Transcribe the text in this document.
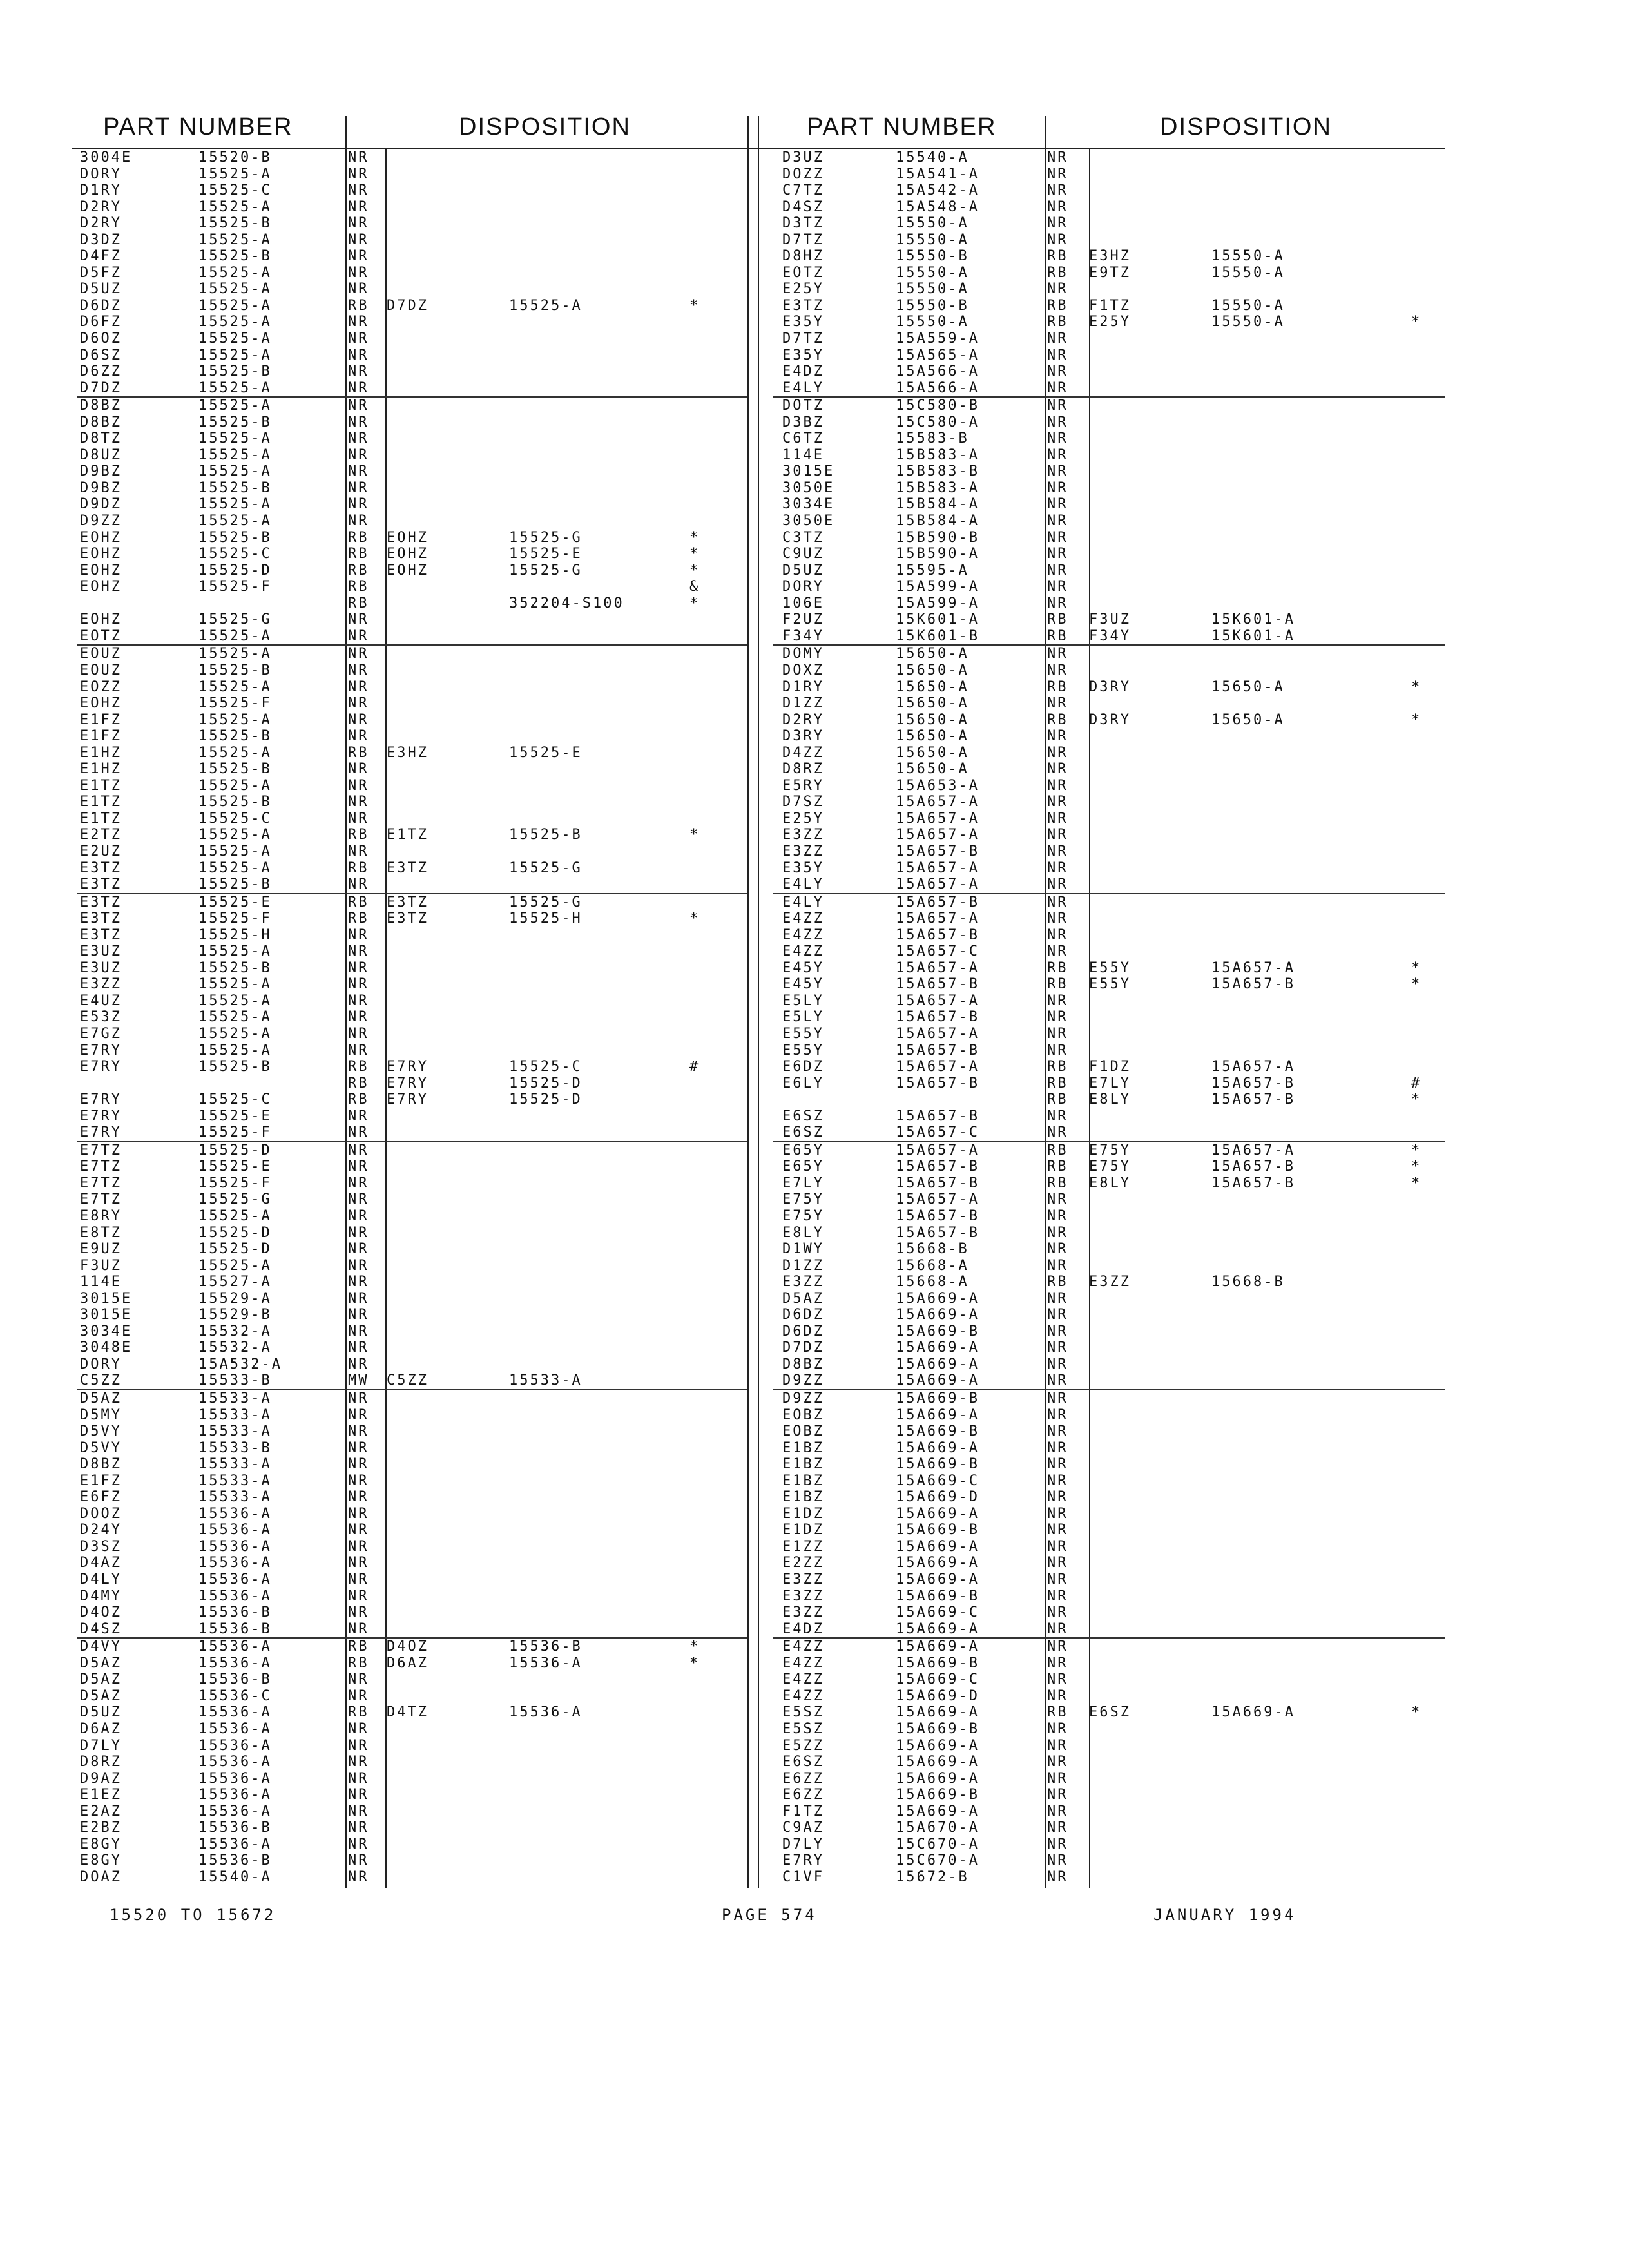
PART NUMBER	DISPOSITION	PART NUMBER	DISPOSITION
3004E	15520-B	NR
DORY	15525-A	NR
D1RY	15525-C	NR
D2RY	15525-A	NR
D2RY	15525-B	NR
D3DZ	15525-A	NR
D4FZ	15525-B	NR
D5FZ	15525-A	NR
D5UZ	15525-A	NR
D6DZ	15525-A	RB D7DZ	15525-A	*
D6FZ	15525-A	NR
D6OZ	15525-A	NR
D6SZ	15525-A	NR
D6ZZ	15525-B	NR
D7DZ	15525-A	NR
D8BZ	15525-A	NR
D8BZ	15525-B	NR
D8TZ	15525-A	NR
D8UZ	15525-A	NR
D9BZ	15525-A	NR
D9BZ	15525-B	NR
D9DZ	15525-A	NR
D9ZZ	15525-A	NR
EOHZ	15525-B	RB EOHZ	15525-G	*
EOHZ	15525-C	RB EOHZ	15525-E	*
EOHZ	15525-D	RB EOHZ	15525-G	*
EOHZ	15525-F	RB	&
RB	352204-S100	*
EOHZ	15525-G	NR
EOTZ	15525-A	NR
EOUZ	15525-A	NR
EOUZ	15525-B	NR
EOZZ	15525-A	NR
EOHZ	15525-F	NR
E1FZ	15525-A	NR
E1FZ	15525-B	NR
E1HZ	15525-A	RB E3HZ	15525-E
E1HZ	15525-B	NR
E1TZ	15525-A	NR
E1TZ	15525-B	NR
E1TZ	15525-C	NR
E2TZ	15525-A	RB E1TZ	15525-B	*
E2UZ	15525-A	NR
E3TZ	15525-A	RB E3TZ	15525-G
E3TZ	15525-B	NR
E3TZ	15525-E	RB E3TZ	15525-G
E3TZ	15525-F	RB E3TZ	15525-H	*
E3TZ	15525-H	NR
E3UZ	15525-A	NR
E3UZ	15525-B	NR
E3ZZ	15525-A	NR
E4UZ	15525-A	NR
E53Z	15525-A	NR
E7GZ	15525-A	NR
E7RY	15525-A	NR
E7RY	15525-B	RB E7RY	15525-C	#
RB E7RY	15525-D
E7RY	15525-C	RB E7RY	15525-D
E7RY	15525-E	NR
E7RY	15525-F	NR
E7TZ	15525-D	NR
E7TZ	15525-E	NR
E7TZ	15525-F	NR
E7TZ	15525-G	NR
E8RY	15525-A	NR
E8TZ	15525-D	NR
E9UZ	15525-D	NR
F3UZ	15525-A	NR
114E	15527-A	NR
3015E	15529-A	NR
3015E	15529-B	NR
3034E	15532-A	NR
3048E	15532-A	NR
DORY	15A532-A	NR
C5ZZ	15533-B	MW C5ZZ	15533-A
D5AZ	15533-A	NR
D5MY	15533-A	NR
D5VY	15533-A	NR
D5VY	15533-B	NR
D8BZ	15533-A	NR
E1FZ	15533-A	NR
E6FZ	15533-A	NR
DOOZ	15536-A	NR
D24Y	15536-A	NR
D3SZ	15536-A	NR
D4AZ	15536-A	NR
D4LY	15536-A	NR
D4MY	15536-A	NR
D4OZ	15536-B	NR
D4SZ	15536-B	NR
D4VY	15536-A	RB D4OZ	15536-B	*
D5AZ	15536-A	RB D6AZ	15536-A	*
D5AZ	15536-B	NR
D5AZ	15536-C	NR
D5UZ	15536-A	RB D4TZ	15536-A
D6AZ	15536-A	NR
D7LY	15536-A	NR
D8RZ	15536-A	NR
D9AZ	15536-A	NR
E1EZ	15536-A	NR
E2AZ	15536-A	NR
E2BZ	15536-B	NR
E8GY	15536-A	NR
E8GY	15536-B	NR
DOAZ	15540-A	NR
D3UZ	15540-A	NR
DOZZ	15A541-A	NR
C7TZ	15A542-A	NR
D4SZ	15A548-A	NR
D3TZ	15550-A	NR
D7TZ	15550-A	NR
D8HZ	15550-B	RB E3HZ	15550-A
EOTZ	15550-A	RB E9TZ	15550-A
E25Y	15550-A	NR
E3TZ	15550-B	RB F1TZ	15550-A
E35Y	15550-A	RB E25Y	15550-A	*
D7TZ	15A559-A	NR
E35Y	15A565-A	NR
E4DZ	15A566-A	NR
E4LY	15A566-A	NR
DOTZ	15C580-B	NR
D3BZ	15C580-A	NR
C6TZ	15583-B	NR
114E	15B583-A	NR
3015E	15B583-B	NR
3050E	15B583-A	NR
3034E	15B584-A	NR
3050E	15B584-A	NR
C3TZ	15B590-B	NR
C9UZ	15B590-A	NR
D5UZ	15595-A	NR
DORY	15A599-A	NR
106E	15A599-A	NR
F2UZ	15K601-A	RB F3UZ	15K601-A
F34Y	15K601-B	RB F34Y	15K601-A
DOMY	15650-A	NR
DOXZ	15650-A	NR
D1RY	15650-A	RB D3RY	15650-A	*
D1ZZ	15650-A	NR
D2RY	15650-A	RB D3RY	15650-A	*
D3RY	15650-A	NR
D4ZZ	15650-A	NR
D8RZ	15650-A	NR
E5RY	15A653-A	NR
D7SZ	15A657-A	NR
E25Y	15A657-A	NR
E3ZZ	15A657-A	NR
E3ZZ	15A657-B	NR
E35Y	15A657-A	NR
E4LY	15A657-A	NR
E4LY	15A657-B	NR
E4ZZ	15A657-A	NR
E4ZZ	15A657-B	NR
E4ZZ	15A657-C	NR
E45Y	15A657-A	RB E55Y	15A657-A	*
E45Y	15A657-B	RB E55Y	15A657-B	*
E5LY	15A657-A	NR
E5LY	15A657-B	NR
E55Y	15A657-A	NR
E55Y	15A657-B	NR
E6DZ	15A657-A	RB F1DZ	15A657-A
E6LY	15A657-B	RB E7LY	15A657-B	#
RB E8LY	15A657-B	*
E6SZ	15A657-B	NR
E6SZ	15A657-C	NR
E65Y	15A657-A	RB E75Y	15A657-A	*
E65Y	15A657-B	RB E75Y	15A657-B	*
E7LY	15A657-B	RB E8LY	15A657-B	*
E75Y	15A657-A	NR
E75Y	15A657-B	NR
E8LY	15A657-B	NR
D1WY	15668-B	NR
D1ZZ	15668-A	NR
E3ZZ	15668-A	RB E3ZZ	15668-B
D5AZ	15A669-A	NR
D6DZ	15A669-A	NR
D6DZ	15A669-B	NR
D7DZ	15A669-A	NR
D8BZ	15A669-A	NR
D9ZZ	15A669-A	NR
D9ZZ	15A669-B	NR
EOBZ	15A669-A	NR
EOBZ	15A669-B	NR
E1BZ	15A669-A	NR
E1BZ	15A669-B	NR
E1BZ	15A669-C	NR
E1BZ	15A669-D	NR
E1DZ	15A669-A	NR
E1DZ	15A669-B	NR
E1ZZ	15A669-A	NR
E2ZZ	15A669-A	NR
E3ZZ	15A669-A	NR
E3ZZ	15A669-B	NR
E3ZZ	15A669-C	NR
E4DZ	15A669-A	NR
E4ZZ	15A669-A	NR
E4ZZ	15A669-B	NR
E4ZZ	15A669-C	NR
E4ZZ	15A669-D	NR
E5SZ	15A669-A	RB E6SZ	15A669-A	*
E5SZ	15A669-B	NR
E5ZZ	15A669-A	NR
E6SZ	15A669-A	NR
E6ZZ	15A669-A	NR
E6ZZ	15A669-B	NR
F1TZ	15A669-A	NR
C9AZ	15A670-A	NR
D7LY	15C670-A	NR
E7RY	15C670-A	NR
C1VF	15672-B	NR
15520 TO 15672	PAGE 574	JANUARY 1994
